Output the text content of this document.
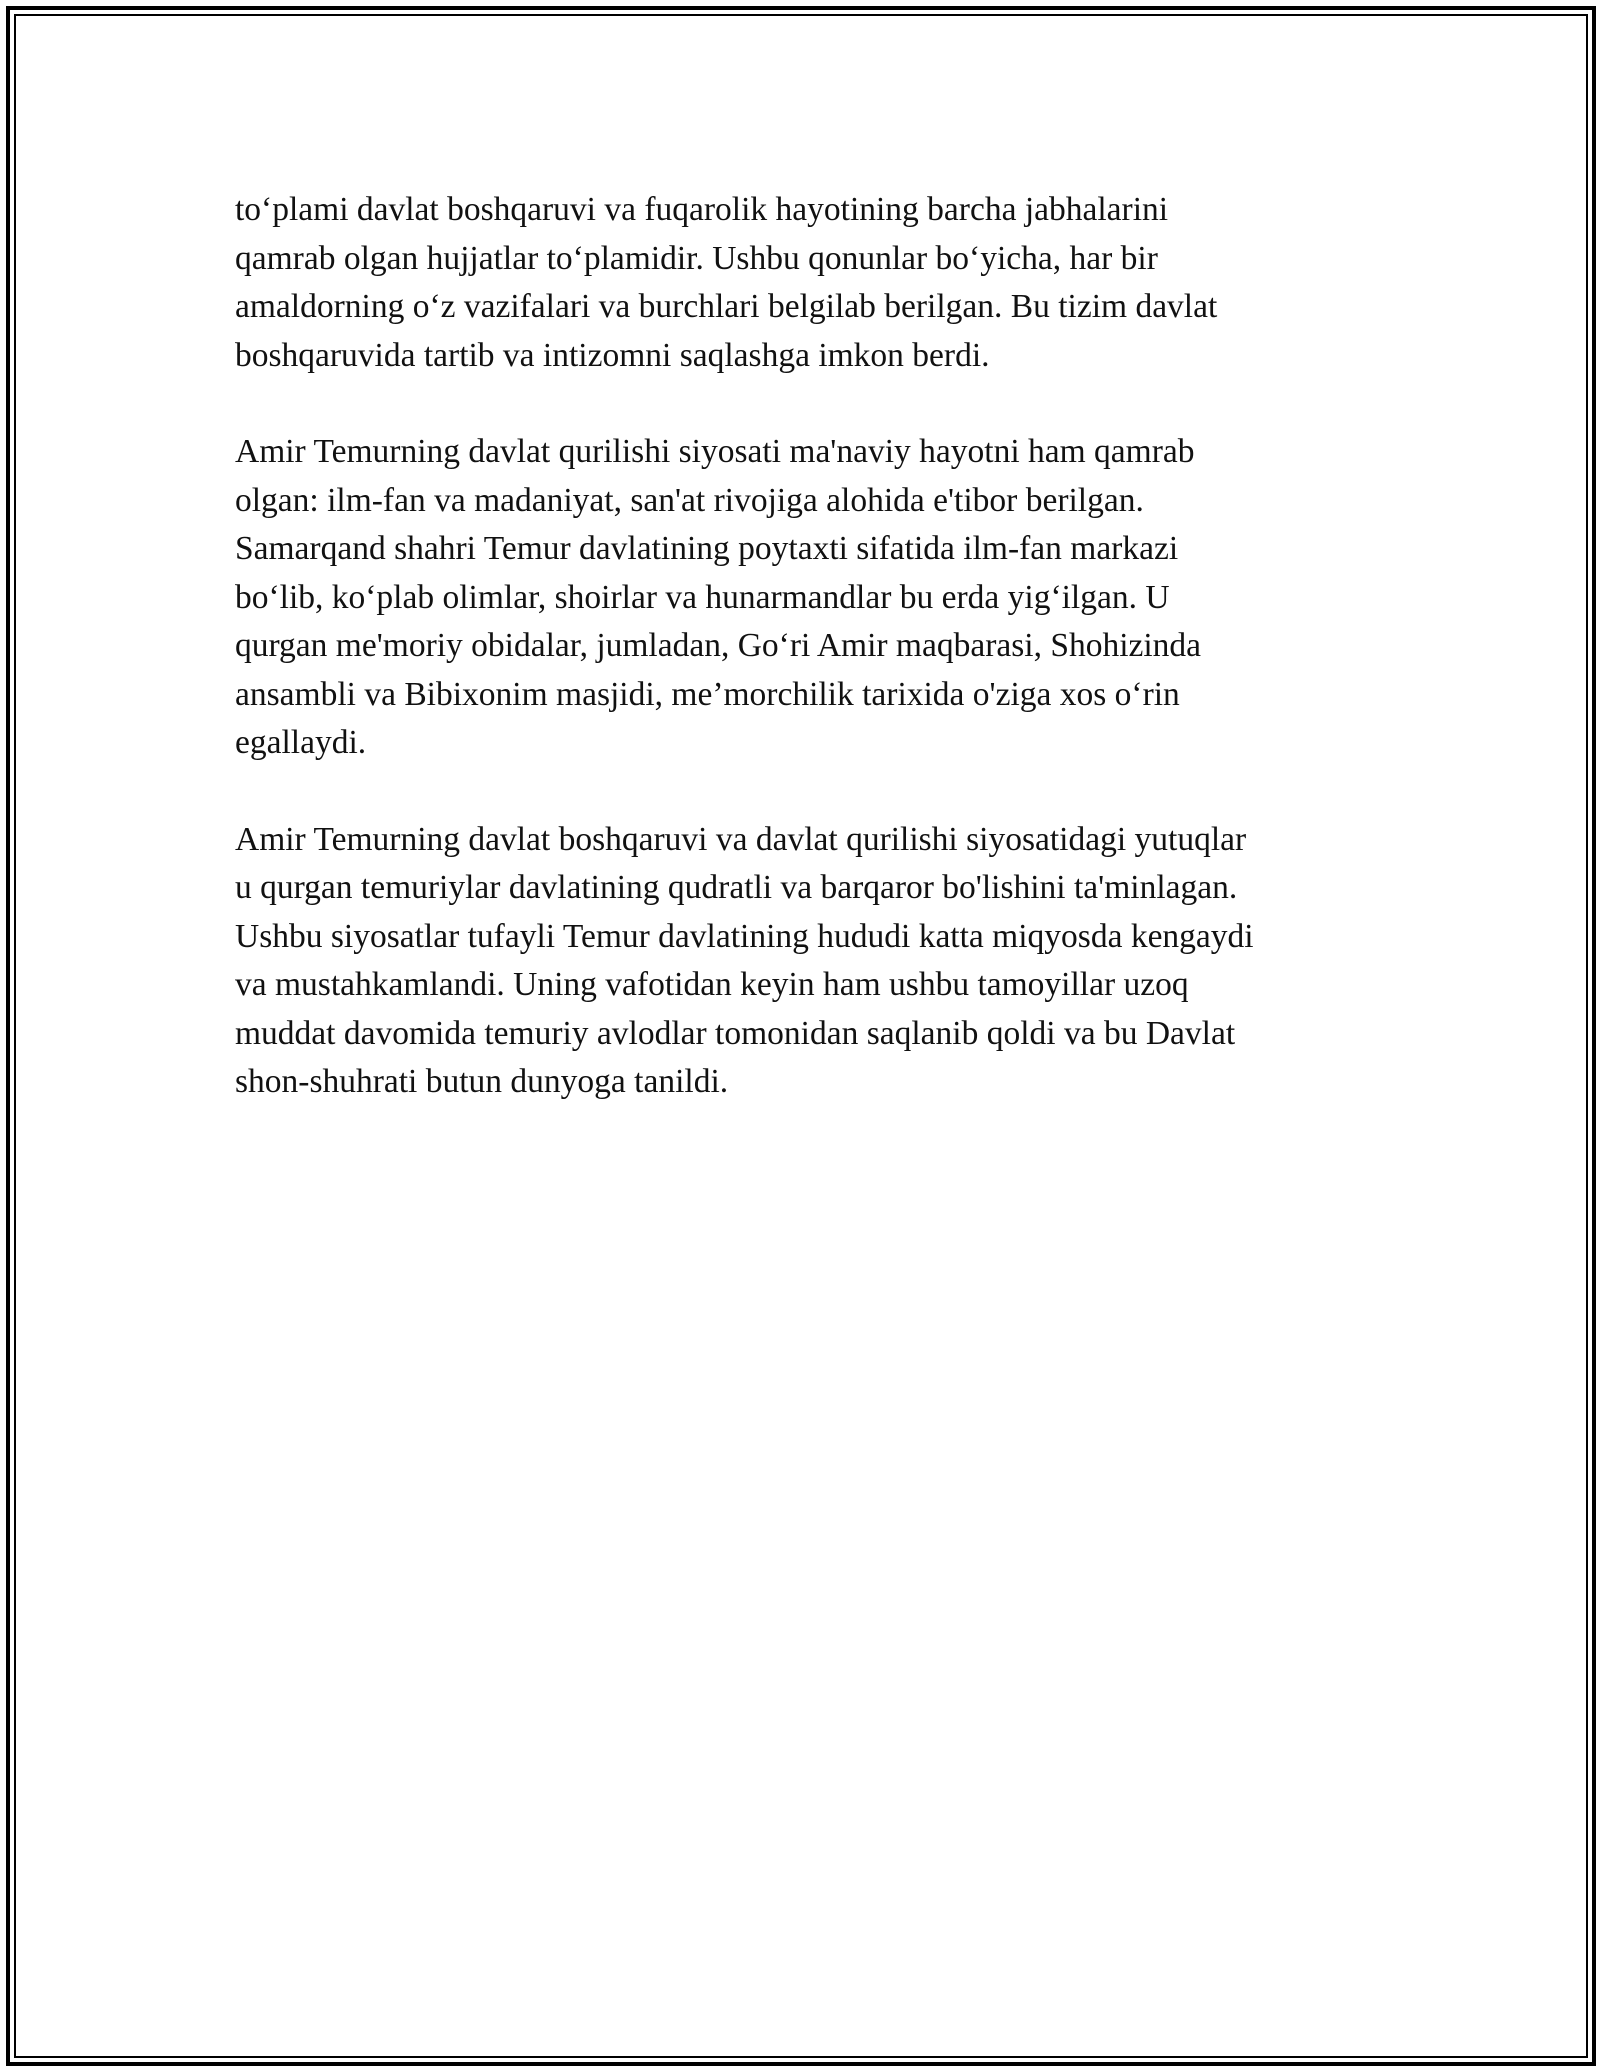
to‘plami davlat boshqaruvi va fuqarolik hayotining barcha jabhalarini
qamrab olgan hujjatlar to‘plamidir. Ushbu qonunlar bo‘yicha, har bir
amaldorning o‘z vazifalari va burchlari belgilab berilgan. Bu tizim davlat
boshqaruvida tartib va intizomni saqlashga imkon berdi.

Amir Temurning davlat qurilishi siyosati ma'naviy hayotni ham qamrab
olgan: ilm-fan va madaniyat, san'at rivojiga alohida e'tibor berilgan.
Samarqand shahri Temur davlatining poytaxti sifatida ilm-fan markazi
bo‘lib, ko‘plab olimlar, shoirlar va hunarmandlar bu erda yig‘ilgan. U
qurgan me'moriy obidalar, jumladan, Go‘ri Amir maqbarasi, Shohizinda
ansambli va Bibixonim masjidi, me’morchilik tarixida o'ziga xos o‘rin
egallaydi.

Amir Temurning davlat boshqaruvi va davlat qurilishi siyosatidagi yutuqlar
u qurgan temuriylar davlatining qudratli va barqaror bo'lishini ta'minlagan.
Ushbu siyosatlar tufayli Temur davlatining hududi katta miqyosda kengaydi
va mustahkamlandi. Uning vafotidan keyin ham ushbu tamoyillar uzoq
muddat davomida temuriy avlodlar tomonidan saqlanib qoldi va bu Davlat
shon-shuhrati butun dunyoga tanildi.
